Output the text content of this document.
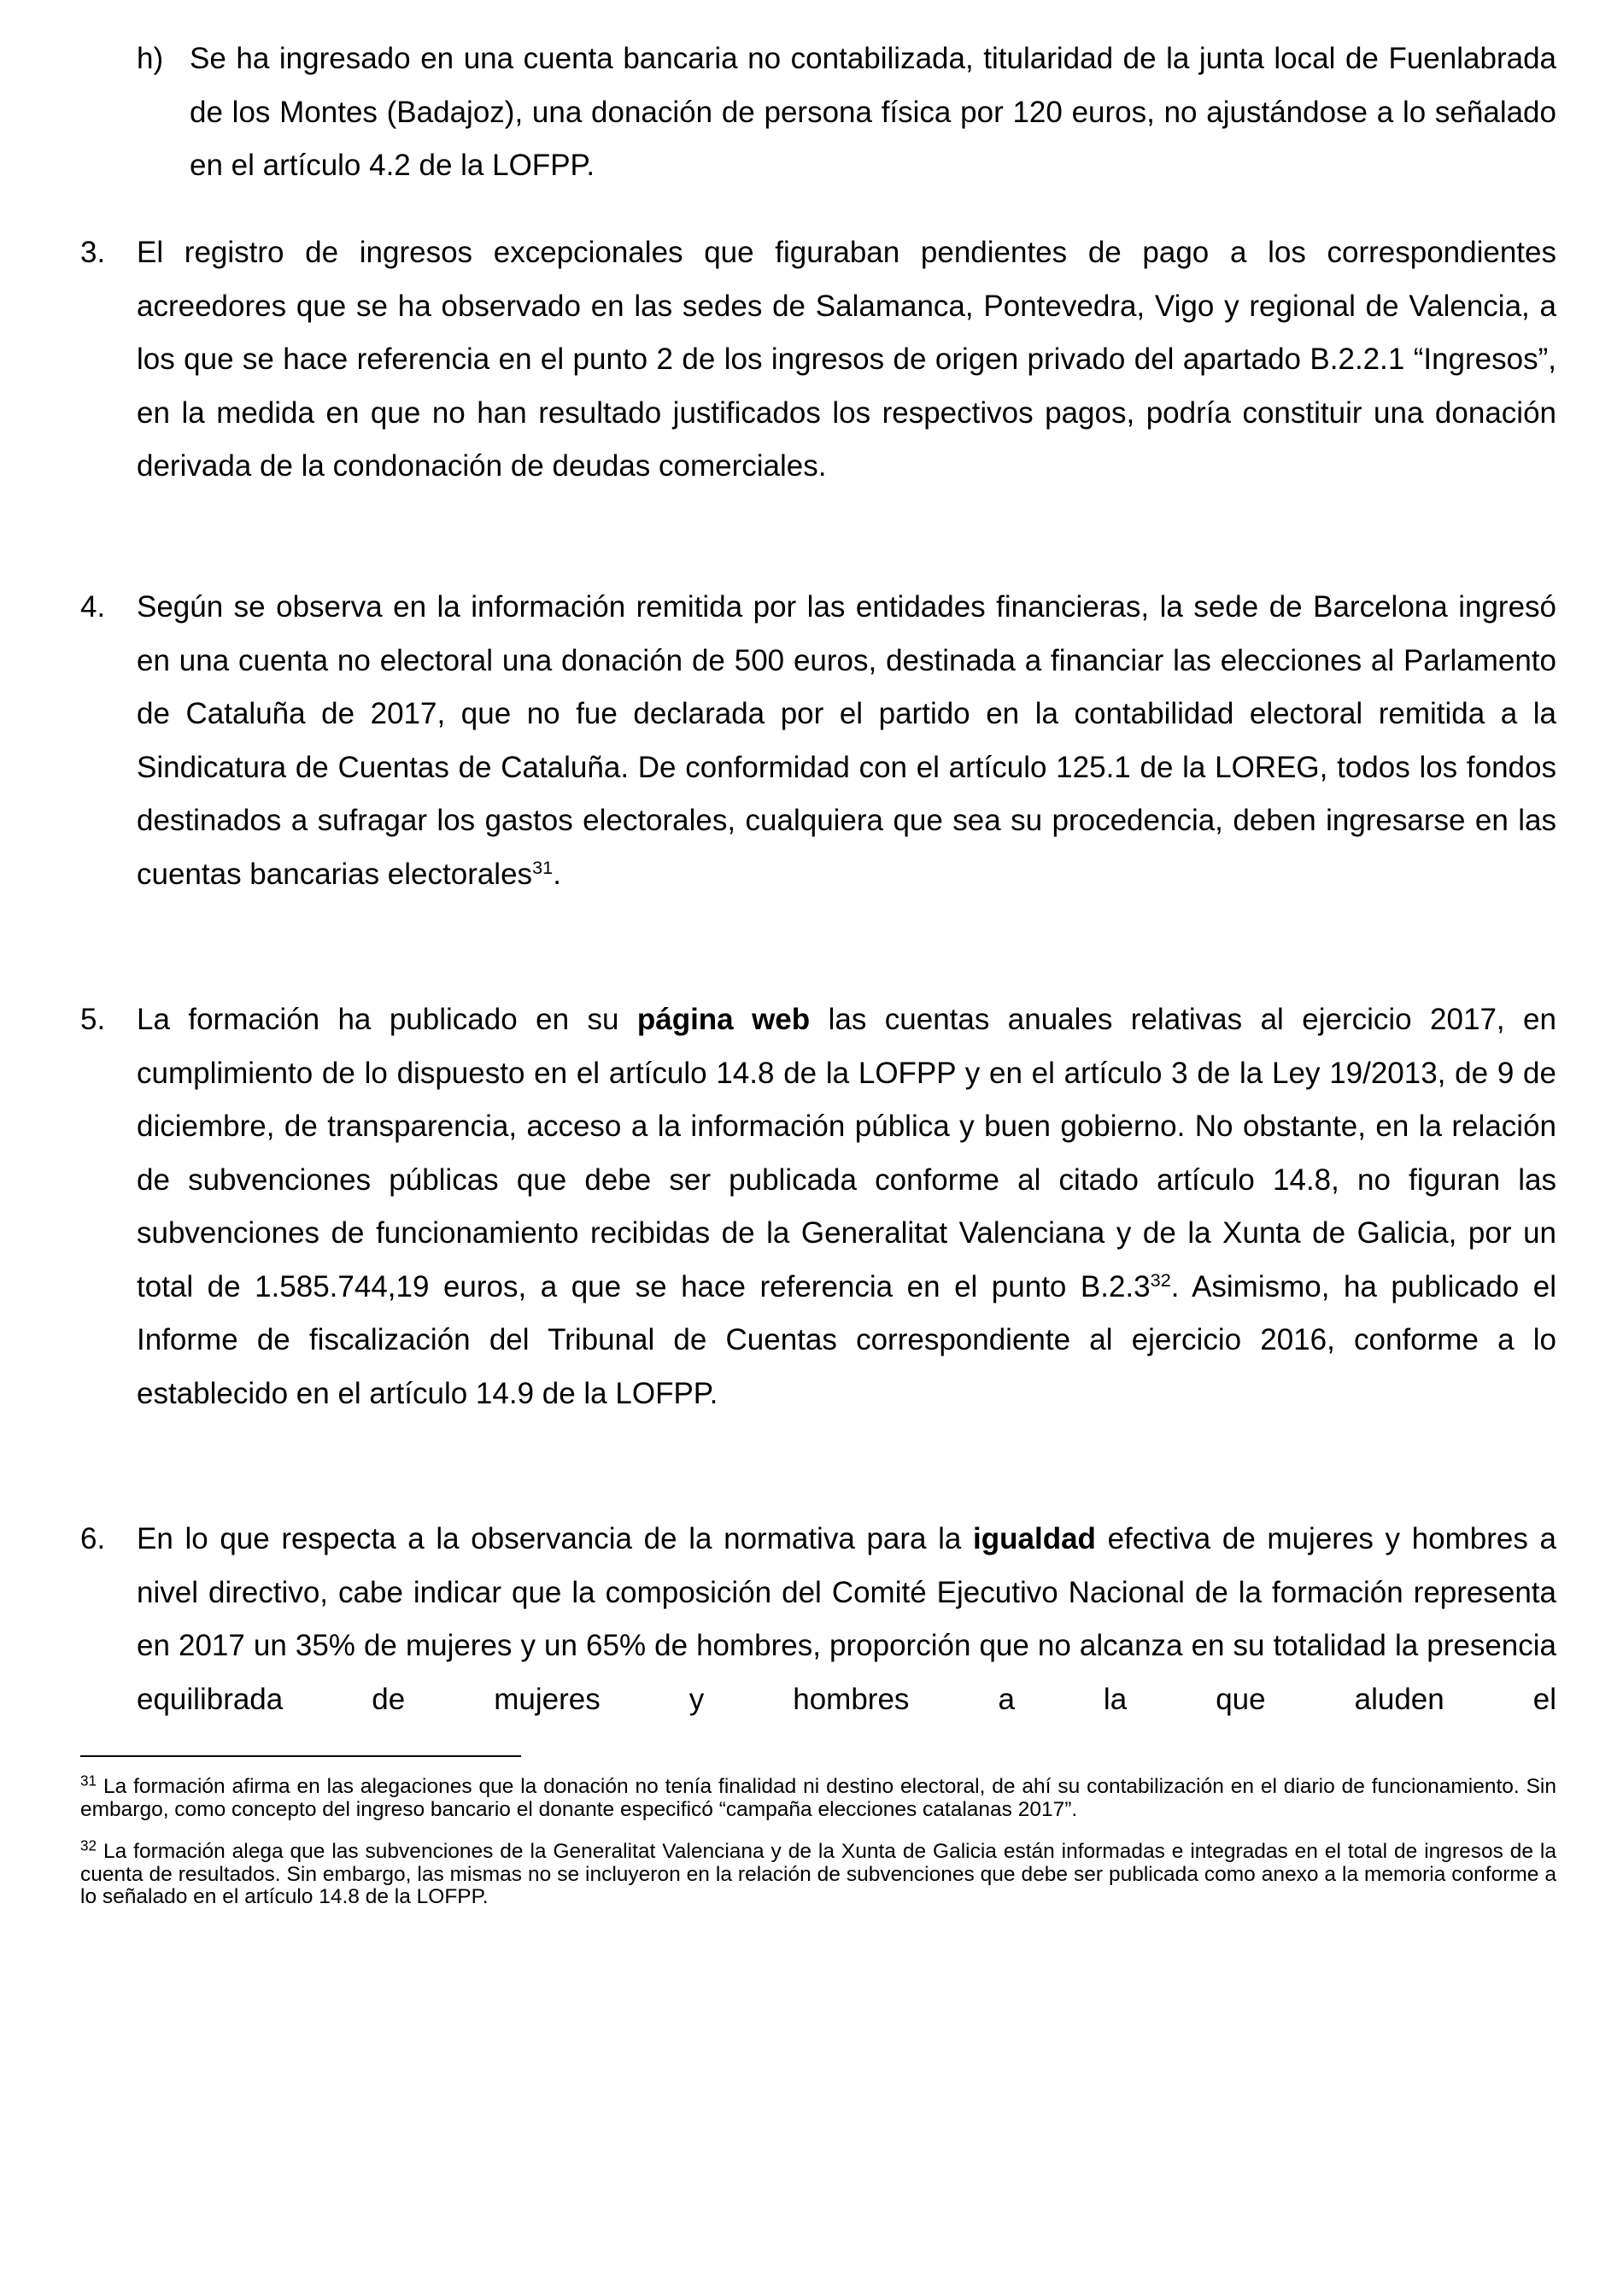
h) Se ha ingresado en una cuenta bancaria no contabilizada, titularidad de la junta local de Fuenlabrada de los Montes (Badajoz), una donación de persona física por 120 euros, no ajustándose a lo señalado en el artículo 4.2 de la LOFPP.
3. El registro de ingresos excepcionales que figuraban pendientes de pago a los correspondientes acreedores que se ha observado en las sedes de Salamanca, Pontevedra, Vigo y regional de Valencia, a los que se hace referencia en el punto 2 de los ingresos de origen privado del apartado B.2.2.1 “Ingresos”, en la medida en que no han resultado justificados los respectivos pagos, podría constituir una donación derivada de la condonación de deudas comerciales.
4. Según se observa en la información remitida por las entidades financieras, la sede de Barcelona ingresó en una cuenta no electoral una donación de 500 euros, destinada a financiar las elecciones al Parlamento de Cataluña de 2017, que no fue declarada por el partido en la contabilidad electoral remitida a la Sindicatura de Cuentas de Cataluña. De conformidad con el artículo 125.1 de la LOREG, todos los fondos destinados a sufragar los gastos electorales, cualquiera que sea su procedencia, deben ingresarse en las cuentas bancarias electorales$^{31}$.
5. La formación ha publicado en su página web las cuentas anuales relativas al ejercicio 2017, en cumplimiento de lo dispuesto en el artículo 14.8 de la LOFPP y en el artículo 3 de la Ley 19/2013, de 9 de diciembre, de transparencia, acceso a la información pública y buen gobierno. No obstante, en la relación de subvenciones públicas que debe ser publicada conforme al citado artículo 14.8, no figuran las subvenciones de funcionamiento recibidas de la Generalitat Valenciana y de la Xunta de Galicia, por un total de 1.585.744,19 euros, a que se hace referencia en el punto B.2.3$^{32}$. Asimismo, ha publicado el Informe de fiscalización del Tribunal de Cuentas correspondiente al ejercicio 2016, conforme a lo establecido en el artículo 14.9 de la LOFPP.
6. En lo que respecta a la observancia de la normativa para la igualdad efectiva de mujeres y hombres a nivel directivo, cabe indicar que la composición del Comité Ejecutivo Nacional de la formación representa en 2017 un 35% de mujeres y un 65% de hombres, proporción que no alcanza en su totalidad la presencia equilibrada de mujeres y hombres a la que aluden el
$^{31}$ La formación afirma en las alegaciones que la donación no tenía finalidad ni destino electoral, de ahí su contabilización en el diario de funcionamiento. Sin embargo, como concepto del ingreso bancario el donante especificó “campaña elecciones catalanas 2017”.
$^{32}$ La formación alega que las subvenciones de la Generalitat Valenciana y de la Xunta de Galicia están informadas e integradas en el total de ingresos de la cuenta de resultados. Sin embargo, las mismas no se incluyeron en la relación de subvenciones que debe ser publicada como anexo a la memoria conforme a lo señalado en el artículo 14.8 de la LOFPP.
